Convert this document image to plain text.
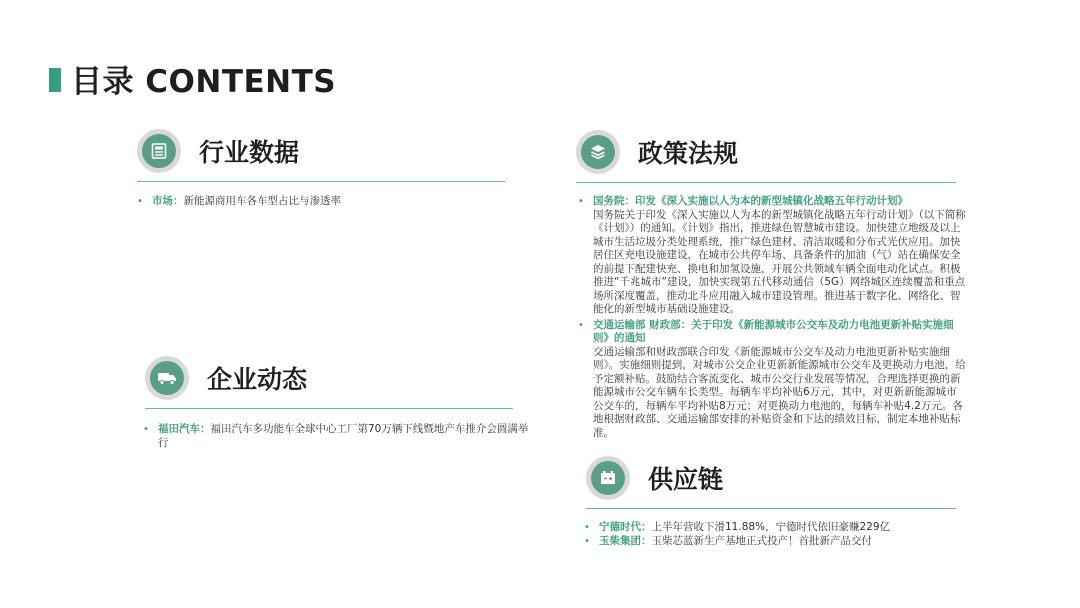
目录 CONTENTS
行业数据
• 市场：新能源商用车各车型占比与渗透率
企业动态
• 福田汽车：福田汽车多功能车全球中心工厂第70万辆下线暨地产车推介会圆满举行
政策法规
• 国务院：印发《深入实施以人为本的新型城镇化战略五年行动计划》
国务院关于印发《深入实施以人为本的新型城镇化战略五年行动计划》（以下简称《计划》）的通知。《计划》指出，推进绿色智慧城市建设。加快建立地级及以上城市生活垃圾分类处理系统，推广绿色建材、清洁取暖和分布式光伏应用。加快居住区充电设施建设，在城市公共停车场、具备条件的加油（气）站在确保安全的前提下配建快充、换电和加氢设施，开展公共领域车辆全面电动化试点。积极推进“千兆城市”建设，加快实现第五代移动通信（5G）网络城区连续覆盖和重点场所深度覆盖，推动北斗应用融入城市建设管理。推进基于数字化、网络化、智能化的新型城市基础设施建设。
• 交通运输部 财政部：关于印发《新能源城市公交车及动力电池更新补贴实施细则》的通知
交通运输部和财政部联合印发《新能源城市公交车及动力电池更新补贴实施细则》。实施细则提到，对城市公交企业更新新能源城市公交车及更换动力电池，给予定额补贴。鼓励结合客流变化、城市公交行业发展等情况，合理选择更换的新能源城市公交车辆车长类型。每辆车平均补贴6万元，其中，对更新新能源城市公交车的，每辆车平均补贴8万元；对更换动力电池的，每辆车补贴4.2万元。各地根据财政部、交通运输部安排的补贴资金和下达的绩效目标，制定本地补贴标准。
供应链
• 宁德时代：上半年营收下滑11.88%，宁德时代依旧豪赚229亿
• 玉柴集团：玉柴芯蓝新生产基地正式投产！首批新产品交付
